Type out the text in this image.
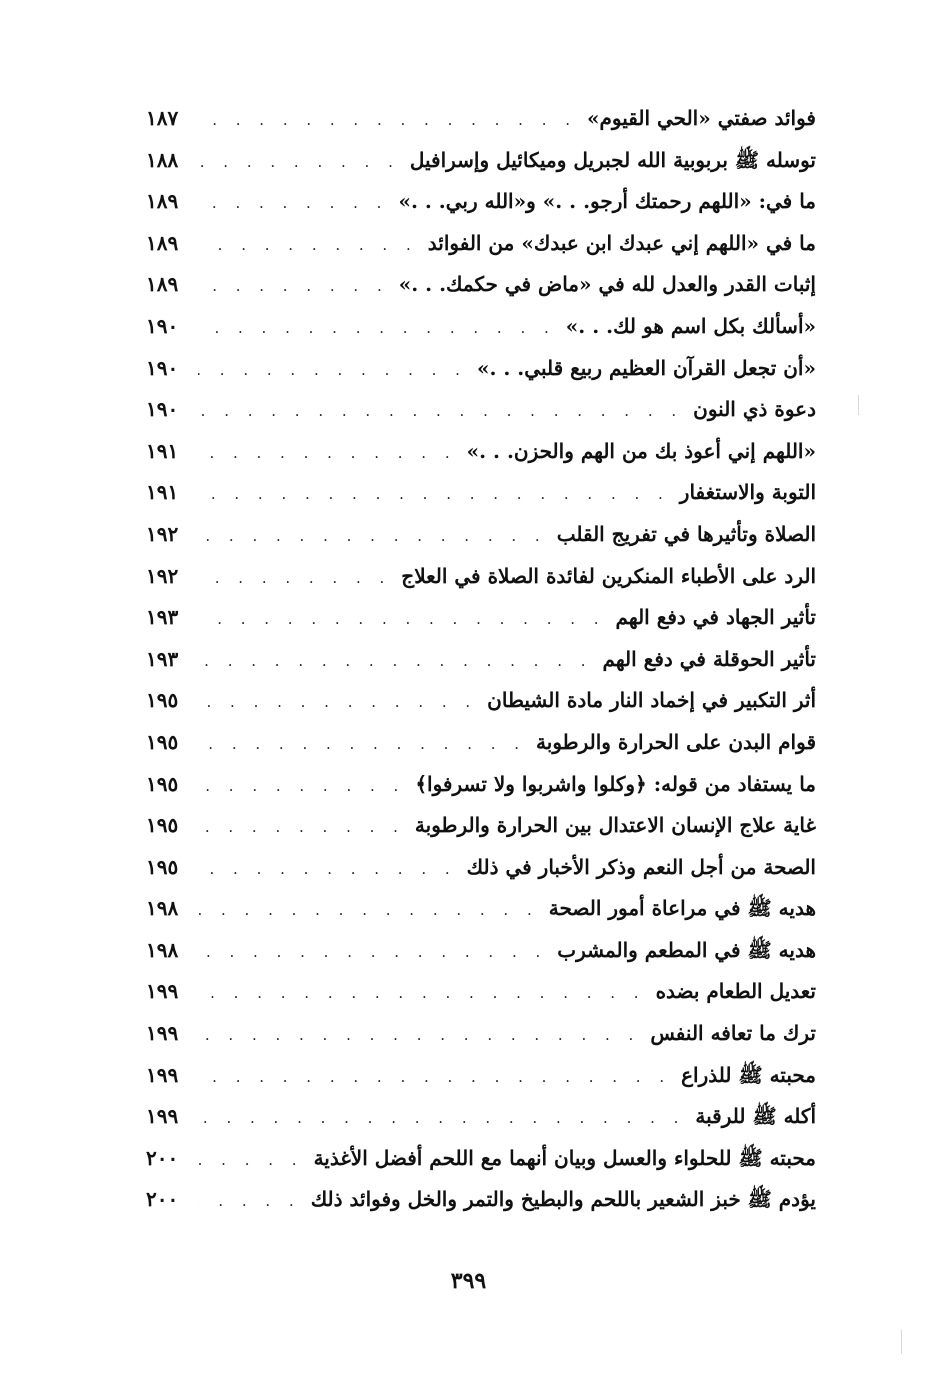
فوائد صفتي «الحي القيوم»
. . .
١٨٧
توسله ﷺ بربوبية الله لجبريل وميكائيل وإسرافيل
. . .
١٨٨
ما في: «اللهم رحمتك أرجو. . .» و«الله ربي. . .»
. . .
١٨٩
ما في «اللهم إني عبدك ابن عبدك» من الفوائد
. . .
١٨٩
إثبات القدر والعدل لله في «ماض في حكمك. . .»
. . .
١٨٩
«أسألك بكل اسم هو لك. . .»
. . .
١٩٠
«أن تجعل القرآن العظيم ربيع قلبي. . .»
. . .
١٩٠
دعوة ذي النون
. . .
١٩٠
«اللهم إني أعوذ بك من الهم والحزن. . .»
. . .
١٩١
التوبة والاستغفار
. . .
١٩١
الصلاة وتأثيرها في تفريج القلب
. . .
١٩٢
الرد على الأطباء المنكرين لفائدة الصلاة في العلاج
. . .
١٩٢
تأثير الجهاد في دفع الهم
. . .
١٩٣
تأثير الحوقلة في دفع الهم
. . .
١٩٣
أثر التكبير في إخماد النار مادة الشيطان
. . .
١٩٥
قوام البدن على الحرارة والرطوبة
. . .
١٩٥
ما يستفاد من قوله: ﴿وكلوا واشربوا ولا تسرفوا﴾
. . .
١٩٥
غاية علاج الإنسان الاعتدال بين الحرارة والرطوبة
. . .
١٩٥
الصحة من أجل النعم وذكر الأخبار في ذلك
. . .
١٩٥
هديه ﷺ في مراعاة أمور الصحة
. . .
١٩٨
هديه ﷺ في المطعم والمشرب
. . .
١٩٨
تعديل الطعام بضده
. . .
١٩٩
ترك ما تعافه النفس
. . .
١٩٩
محبته ﷺ للذراع
. . .
١٩٩
أكله ﷺ للرقبة
. . .
١٩٩
محبته ﷺ للحلواء والعسل وبيان أنهما مع اللحم أفضل الأغذية
. . .
٢٠٠
يؤدم ﷺ خبز الشعير باللحم والبطيخ والتمر والخل وفوائد ذلك
. . .
٢٠٠
٣٩٩
